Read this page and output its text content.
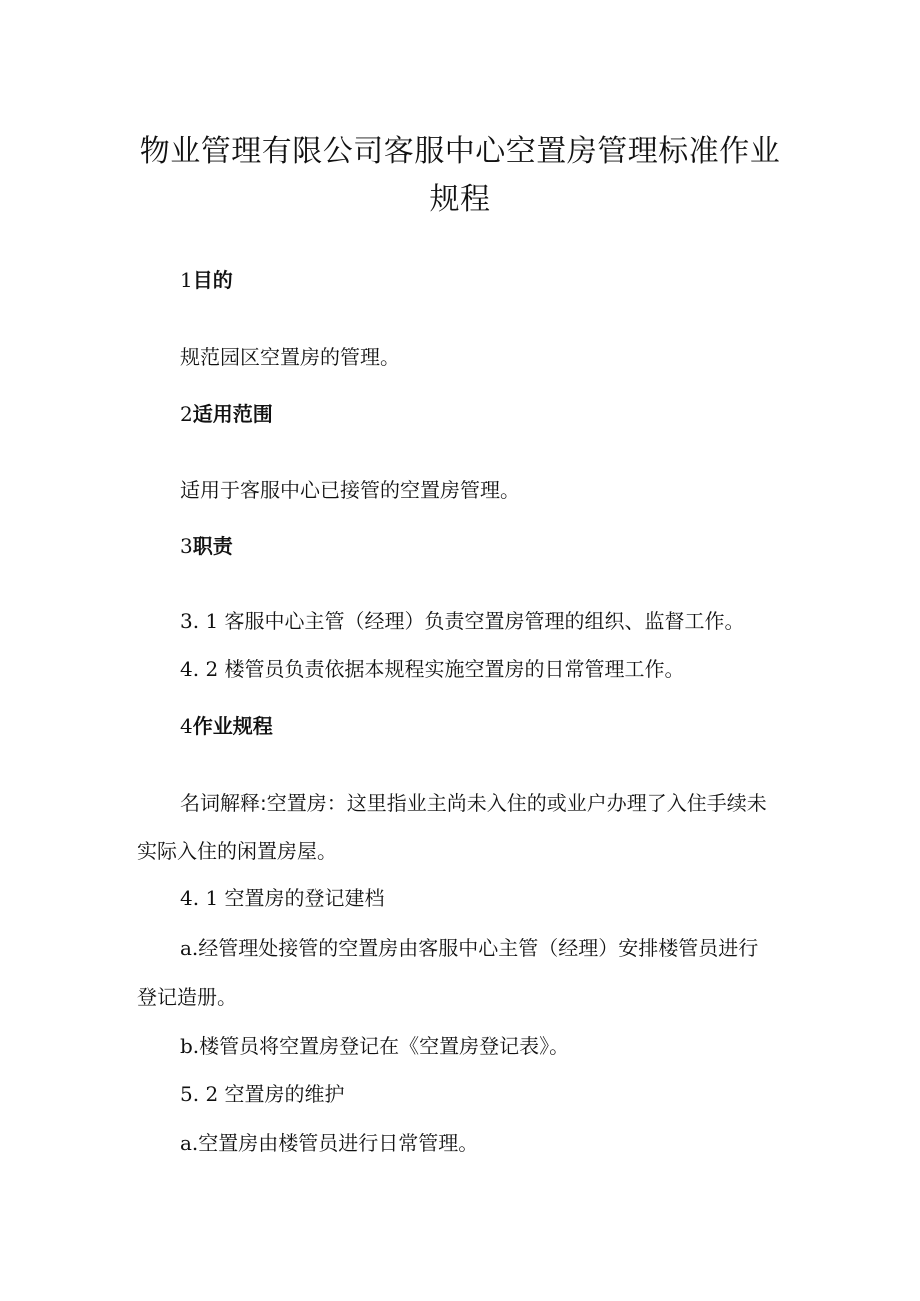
物业管理有限公司客服中心空置房管理标准作业规程
1目的
规范园区空置房的管理。
2适用范围
适用于客服中心已接管的空置房管理。
3职责
3. 1 客服中心主管（经理）负责空置房管理的组织、监督工作。
4. 2 楼管员负责依据本规程实施空置房的日常管理工作。
4作业规程
名词解释:空置房：这里指业主尚未入住的或业户办理了入住手续未
实际入住的闲置房屋。
4. 1 空置房的登记建档
a.经管理处接管的空置房由客服中心主管（经理）安排楼管员进行
登记造册。
b.楼管员将空置房登记在《空置房登记表》。
5. 2 空置房的维护
a.空置房由楼管员进行日常管理。
